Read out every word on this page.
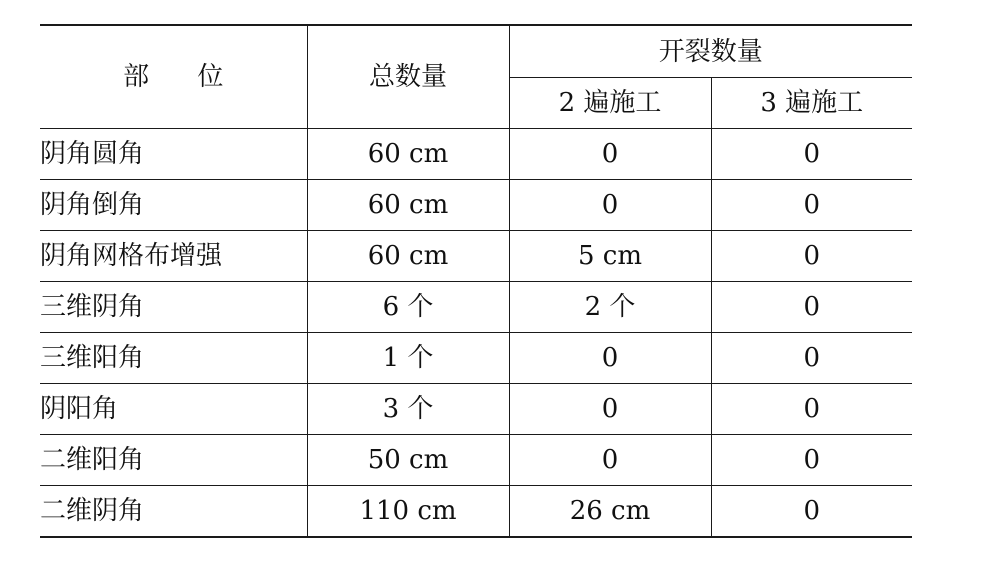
部 位	总数量	开裂数量	
		2 遍施工	3 遍施工
阴角圆角	60 cm	0	0
阴角倒角	60 cm	0	0
阴角网格布增强	60 cm	5 cm	0
三维阴角	6 个	2 个	0
三维阳角	1 个	0	0
阴阳角	3 个	0	0
二维阳角	50 cm	0	0
二维阴角	110 cm	26 cm	0
